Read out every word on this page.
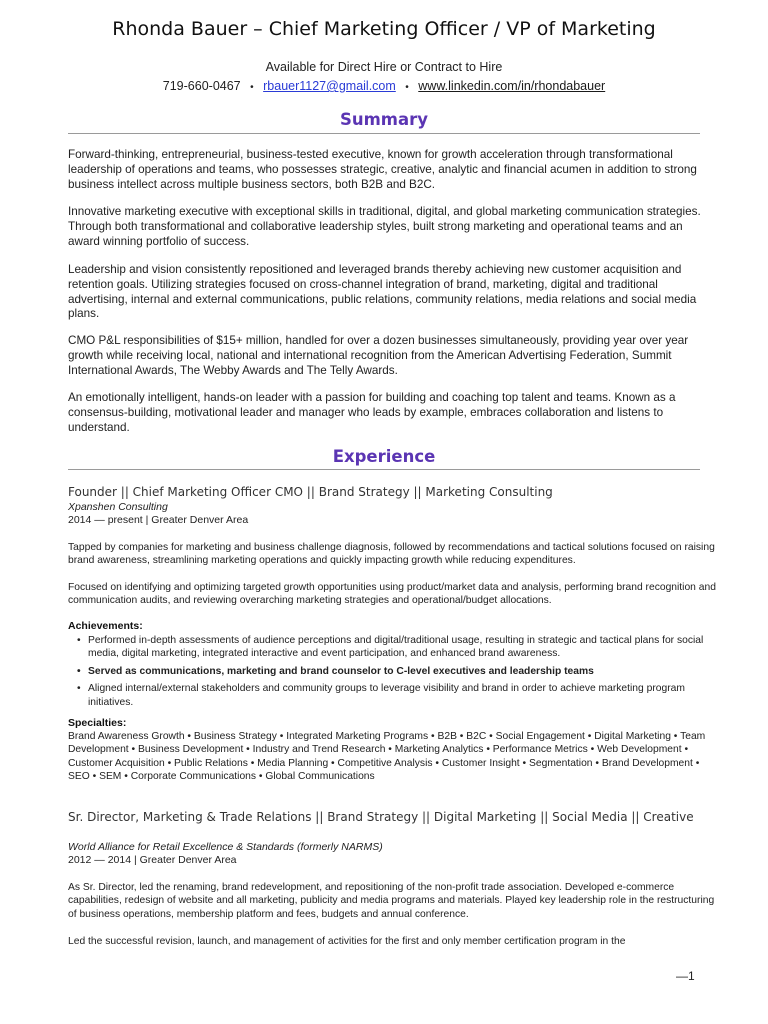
Rhonda Bauer – Chief Marketing Officer / VP of Marketing
Available for Direct Hire or Contract to Hire
719-660-0467 • rbauer1127@gmail.com • www.linkedin.com/in/rhondabauer
Summary

Forward-thinking, entrepreneurial, business-tested executive, known for growth acceleration through transformational leadership of operations and teams, who possesses strategic, creative, analytic and financial acumen in addition to strong business intellect across multiple business sectors, both B2B and B2C.

Innovative marketing executive with exceptional skills in traditional, digital, and global marketing communication strategies. Through both transformational and collaborative leadership styles, built strong marketing and operational teams and an award winning portfolio of success.

Leadership and vision consistently repositioned and leveraged brands thereby achieving new customer acquisition and retention goals. Utilizing strategies focused on cross-channel integration of brand, marketing, digital and traditional advertising, internal and external communications, public relations, community relations, media relations and social media plans.

CMO P&L responsibilities of $15+ million, handled for over a dozen businesses simultaneously, providing year over year growth while receiving local, national and international recognition from the American Advertising Federation, Summit International Awards, The Webby Awards and The Telly Awards.

An emotionally intelligent, hands-on leader with a passion for building and coaching top talent and teams. Known as a consensus-building, motivational leader and manager who leads by example, embraces collaboration and listens to understand.

Experience
Founder || Chief Marketing Officer CMO || Brand Strategy || Marketing Consulting
Xpanshen Consulting
2014 — present | Greater Denver Area

Tapped by companies for marketing and business challenge diagnosis, followed by recommendations and tactical solutions focused on raising brand awareness, streamlining marketing operations and quickly impacting growth while reducing expenditures.

Focused on identifying and optimizing targeted growth opportunities using product/market data and analysis, performing brand recognition and communication audits, and reviewing overarching marketing strategies and operational/budget allocations.

Achievements:
• Performed in-depth assessments of audience perceptions and digital/traditional usage, resulting in strategic and tactical plans for social media, digital marketing, integrated interactive and event participation, and enhanced brand awareness.
• Served as communications, marketing and brand counselor to C-level executives and leadership teams
• Aligned internal/external stakeholders and community groups to leverage visibility and brand in order to achieve marketing program initiatives.
Specialties:

Brand Awareness Growth • Business Strategy • Integrated Marketing Programs • B2B • B2C • Social Engagement • Digital Marketing • Team Development • Business Development • Industry and Trend Research • Marketing Analytics • Performance Metrics • Web Development • Customer Acquisition • Public Relations • Media Planning • Competitive Analysis • Customer Insight • Segmentation • Brand Development • SEO • SEM • Corporate Communications • Global Communications

Sr. Director, Marketing & Trade Relations || Brand Strategy || Digital Marketing || Social Media || Creative
World Alliance for Retail Excellence & Standards (formerly NARMS)
2012 — 2014 | Greater Denver Area

As Sr. Director, led the renaming, brand redevelopment, and repositioning of the non-profit trade association. Developed e-commerce capabilities, redesign of website and all marketing, publicity and media programs and materials. Played key leadership role in the restructuring of business operations, membership platform and fees, budgets and annual conference.

Led the successful revision, launch, and management of activities for the first and only member certification program in the

—1
